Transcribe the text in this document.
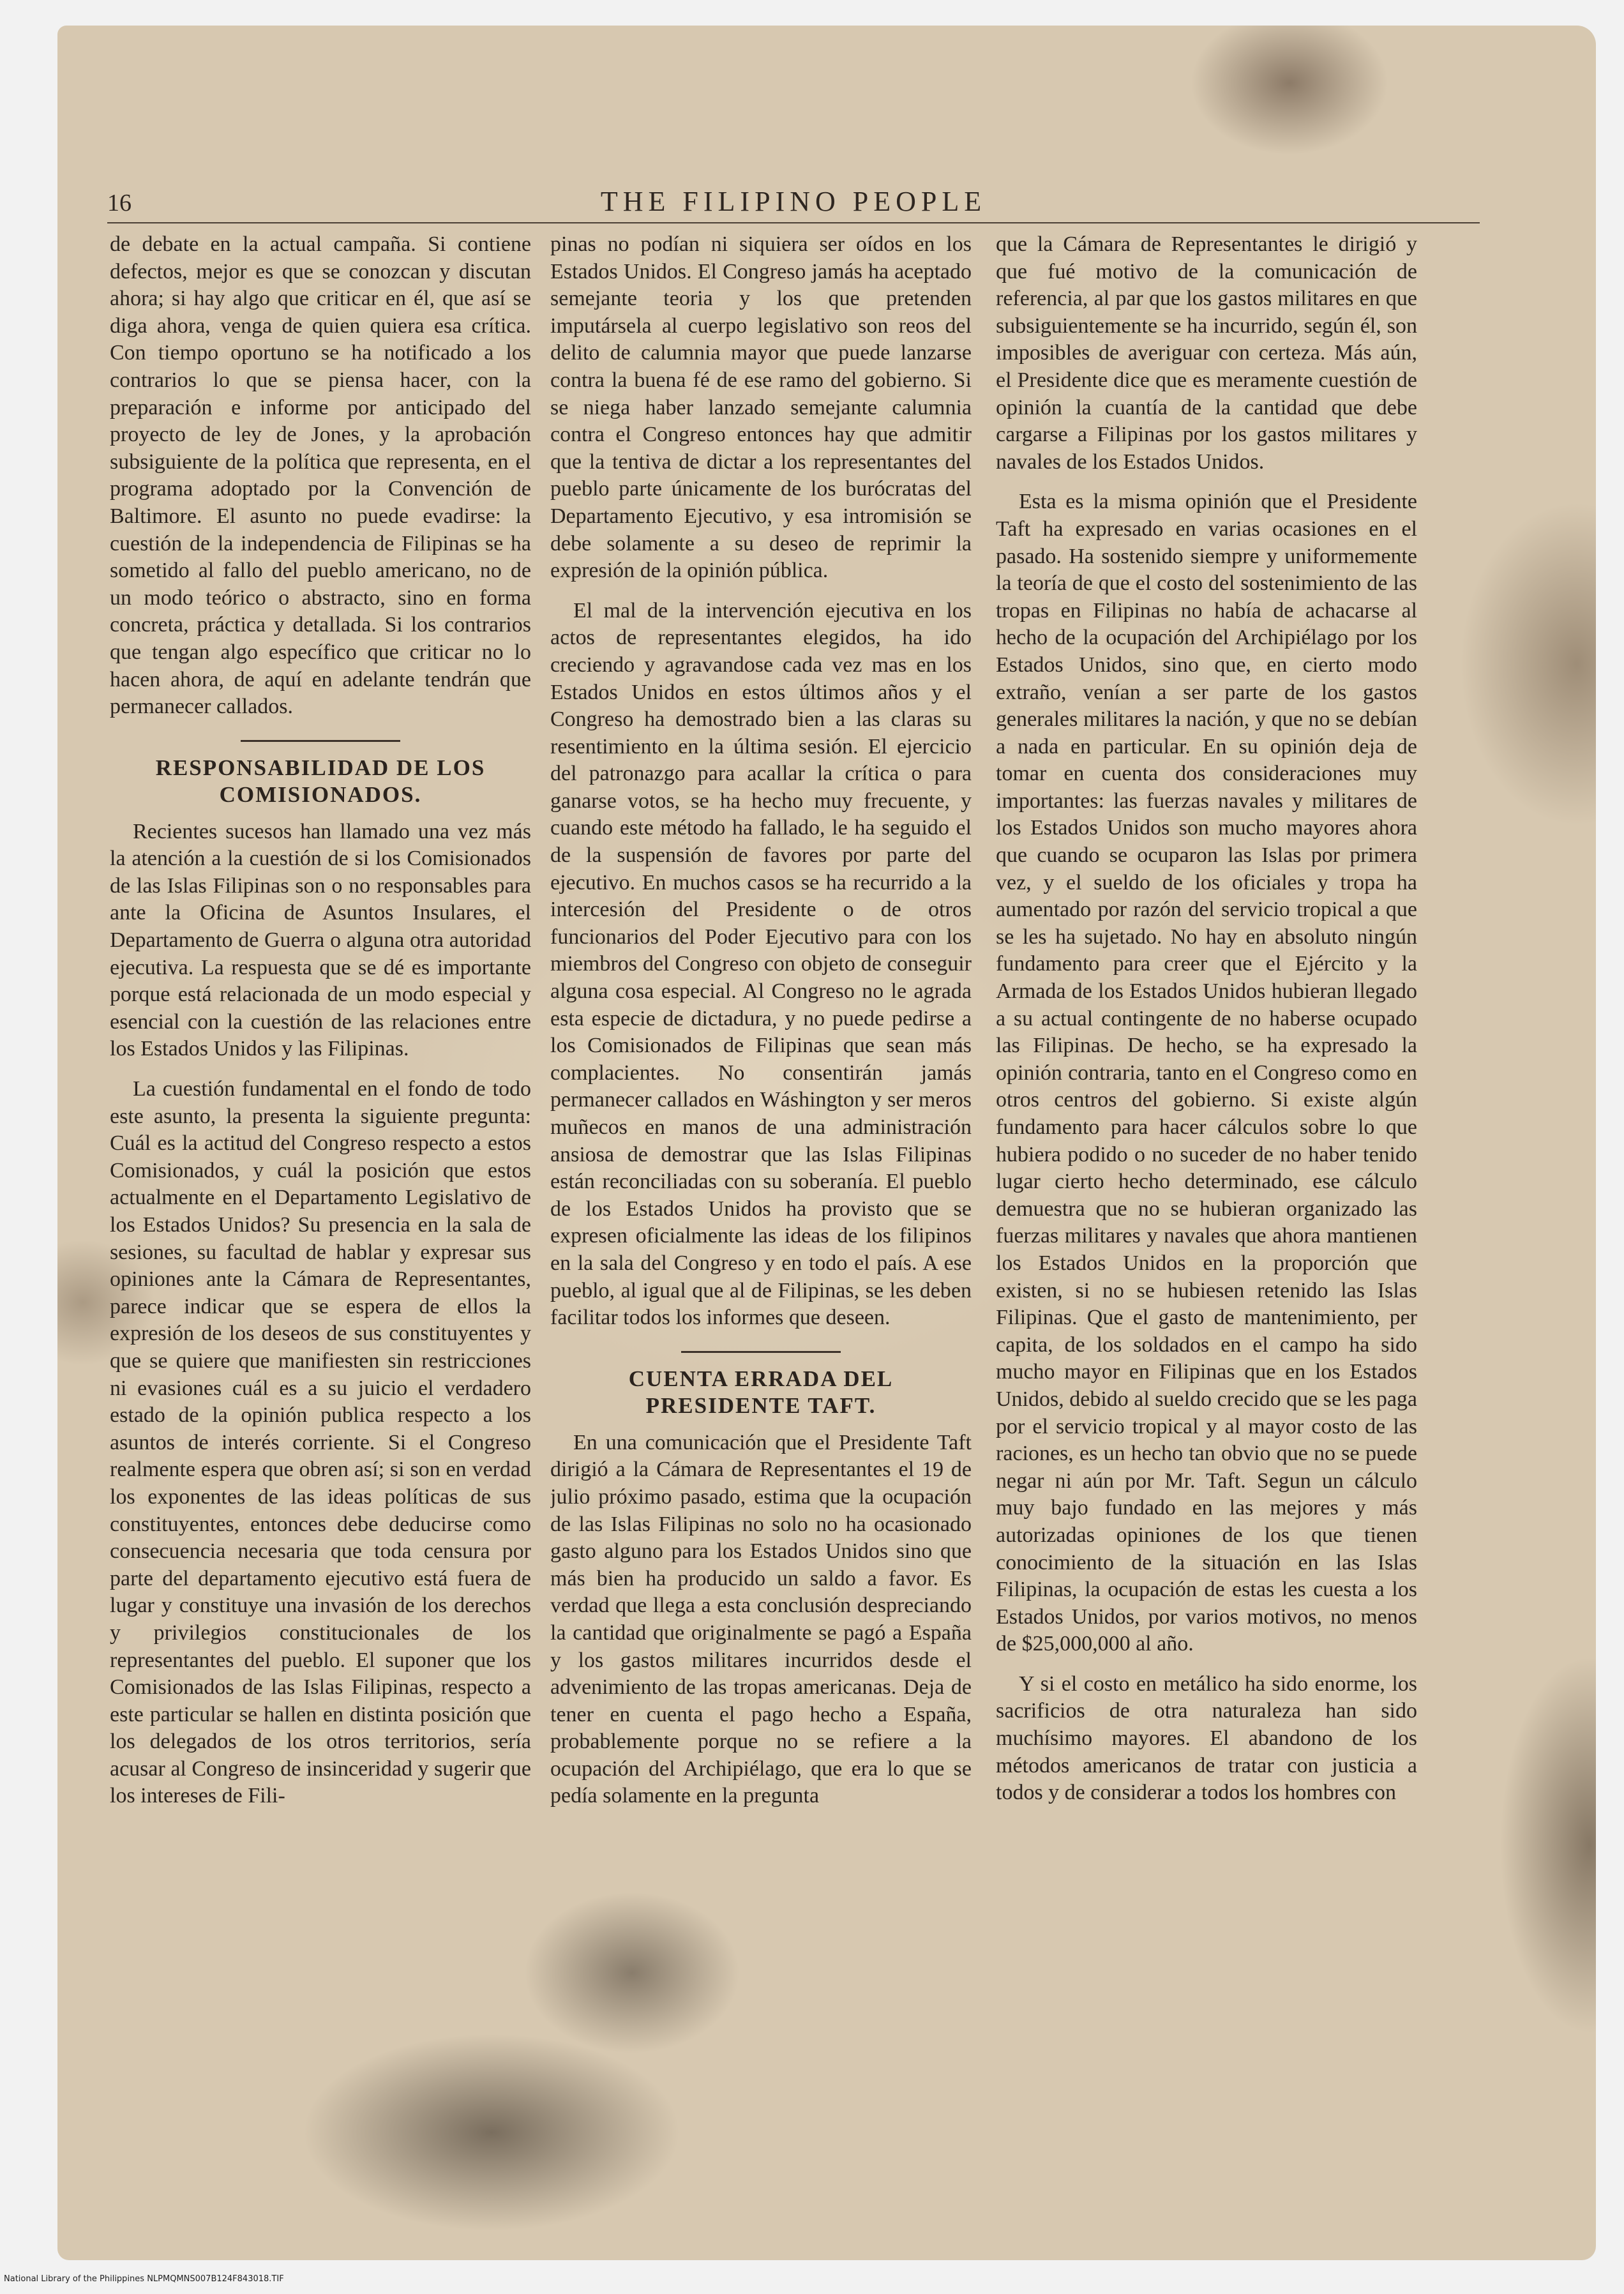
16	THE FILIPINO PEOPLE

de debate en la actual campaña. Si contiene defectos, mejor es que se conozcan y discutan ahora; si hay algo que criticar en él, que así se diga ahora, venga de quien quiera esa crítica. Con tiempo oportuno se ha notificado a los contrarios lo que se piensa hacer, con la preparación e informe por anticipado del proyecto de ley de Jones, y la aprobación subsiguiente de la política que representa, en el programa adoptado por la Convención de Baltimore. El asunto no puede evadirse: la cuestión de la independencia de Filipinas se ha sometido al fallo del pueblo americano, no de un modo teórico o abstracto, sino en forma concreta, práctica y detallada. Si los contrarios que tengan algo específico que criticar no lo hacen ahora, de aquí en adelante tendrán que permanecer callados.

RESPONSABILIDAD DE LOS COMISIONADOS.

Recientes sucesos han llamado una vez más la atención a la cuestión de si los Comisionados de las Islas Filipinas son o no responsables para ante la Oficina de Asuntos Insulares, el Departamento de Guerra o alguna otra autoridad ejecutiva. La respuesta que se dé es importante porque está relacionada de un modo especial y esencial con la cuestión de las relaciones entre los Estados Unidos y las Filipinas.

La cuestión fundamental en el fondo de todo este asunto, la presenta la siguiente pregunta: Cuál es la actitud del Congreso respecto a estos Comisionados, y cuál la posición que estos actualmente en el Departamento Legislativo de los Estados Unidos? Su presencia en la sala de sesiones, su facultad de hablar y expresar sus opiniones ante la Cámara de Representantes, parece indicar que se espera de ellos la expresión de los deseos de sus constituyentes y que se quiere que manifiesten sin restricciones ni evasiones cuál es a su juicio el verdadero estado de la opinión publica respecto a los asuntos de interés corriente. Si el Congreso realmente espera que obren así; si son en verdad los exponentes de las ideas políticas de sus constituyentes, entonces debe deducirse como consecuencia necesaria que toda censura por parte del departamento ejecutivo está fuera de lugar y constituye una invasión de los derechos y privilegios constitucionales de los representantes del pueblo. El suponer que los Comisionados de las Islas Filipinas, respecto a este particular se hallen en distinta posición que los delegados de los otros territorios, sería acusar al Congreso de insinceridad y sugerir que los intereses de Fili-

pinas no podían ni siquiera ser oídos en los Estados Unidos. El Congreso jamás ha aceptado semejante teoria y los que pretenden imputársela al cuerpo legislativo son reos del delito de calumnia mayor que puede lanzarse contra la buena fé de ese ramo del gobierno. Si se niega haber lanzado semejante calumnia contra el Congreso entonces hay que admitir que la tentiva de dictar a los representantes del pueblo parte únicamente de los burócratas del Departamento Ejecutivo, y esa intromisión se debe solamente a su deseo de reprimir la expresión de la opinión pública.

El mal de la intervención ejecutiva en los actos de representantes elegidos, ha ido creciendo y agravandose cada vez mas en los Estados Unidos en estos últimos años y el Congreso ha demostrado bien a las claras su resentimiento en la última sesión. El ejercicio del patronazgo para acallar la crítica o para ganarse votos, se ha hecho muy frecuente, y cuando este método ha fallado, le ha seguido el de la suspensión de favores por parte del ejecutivo. En muchos casos se ha recurrido a la intercesión del Presidente o de otros funcionarios del Poder Ejecutivo para con los miembros del Congreso con objeto de conseguir alguna cosa especial. Al Congreso no le agrada esta especie de dictadura, y no puede pedirse a los Comisionados de Filipinas que sean más complacientes. No consentirán jamás permanecer callados en Wáshington y ser meros muñecos en manos de una administración ansiosa de demostrar que las Islas Filipinas están reconciliadas con su soberanía. El pueblo de los Estados Unidos ha provisto que se expresen oficialmente las ideas de los filipinos en la sala del Congreso y en todo el país. A ese pueblo, al igual que al de Filipinas, se les deben facilitar todos los informes que deseen.

CUENTA ERRADA DEL PRESIDENTE TAFT.

En una comunicación que el Presidente Taft dirigió a la Cámara de Representantes el 19 de julio próximo pasado, estima que la ocupación de las Islas Filipinas no solo no ha ocasionado gasto alguno para los Estados Unidos sino que más bien ha producido un saldo a favor. Es verdad que llega a esta conclusión despreciando la cantidad que originalmente se pagó a España y los gastos militares incurridos desde el advenimiento de las tropas americanas. Deja de tener en cuenta el pago hecho a España, probablemente porque no se refiere a la ocupación del Archipiélago, que era lo que se pedía solamente en la pregunta

que la Cámara de Representantes le dirigió y que fué motivo de la comunicación de referencia, al par que los gastos militares en que subsiguientemente se ha incurrido, según él, son imposibles de averiguar con certeza. Más aún, el Presidente dice que es meramente cuestión de opinión la cuantía de la cantidad que debe cargarse a Filipinas por los gastos militares y navales de los Estados Unidos.

Esta es la misma opinión que el Presidente Taft ha expresado en varias ocasiones en el pasado. Ha sostenido siempre y uniformemente la teoría de que el costo del sostenimiento de las tropas en Filipinas no había de achacarse al hecho de la ocupación del Archipiélago por los Estados Unidos, sino que, en cierto modo extraño, venían a ser parte de los gastos generales militares la nación, y que no se debían a nada en particular. En su opinión deja de tomar en cuenta dos consideraciones muy importantes: las fuerzas navales y militares de los Estados Unidos son mucho mayores ahora que cuando se ocuparon las Islas por primera vez, y el sueldo de los oficiales y tropa ha aumentado por razón del servicio tropical a que se les ha sujetado. No hay en absoluto ningún fundamento para creer que el Ejército y la Armada de los Estados Unidos hubieran llegado a su actual contingente de no haberse ocupado las Filipinas. De hecho, se ha expresado la opinión contraria, tanto en el Congreso como en otros centros del gobierno. Si existe algún fundamento para hacer cálculos sobre lo que hubiera podido o no suceder de no haber tenido lugar cierto hecho determinado, ese cálculo demuestra que no se hubieran organizado las fuerzas militares y navales que ahora mantienen los Estados Unidos en la proporción que existen, si no se hubiesen retenido las Islas Filipinas. Que el gasto de mantenimiento, per capita, de los soldados en el campo ha sido mucho mayor en Filipinas que en los Estados Unidos, debido al sueldo crecido que se les paga por el servicio tropical y al mayor costo de las raciones, es un hecho tan obvio que no se puede negar ni aún por Mr. Taft. Segun un cálculo muy bajo fundado en las mejores y más autorizadas opiniones de los que tienen conocimiento de la situación en las Islas Filipinas, la ocupación de estas les cuesta a los Estados Unidos, por varios motivos, no menos de $25,000,000 al año.

Y si el costo en metálico ha sido enorme, los sacrificios de otra naturaleza han sido muchísimo mayores. El abandono de los métodos americanos de tratar con justicia a todos y de considerar a todos los hombres con

National Library of the Philippines NLPMQMNS007B124F843018.TIF
